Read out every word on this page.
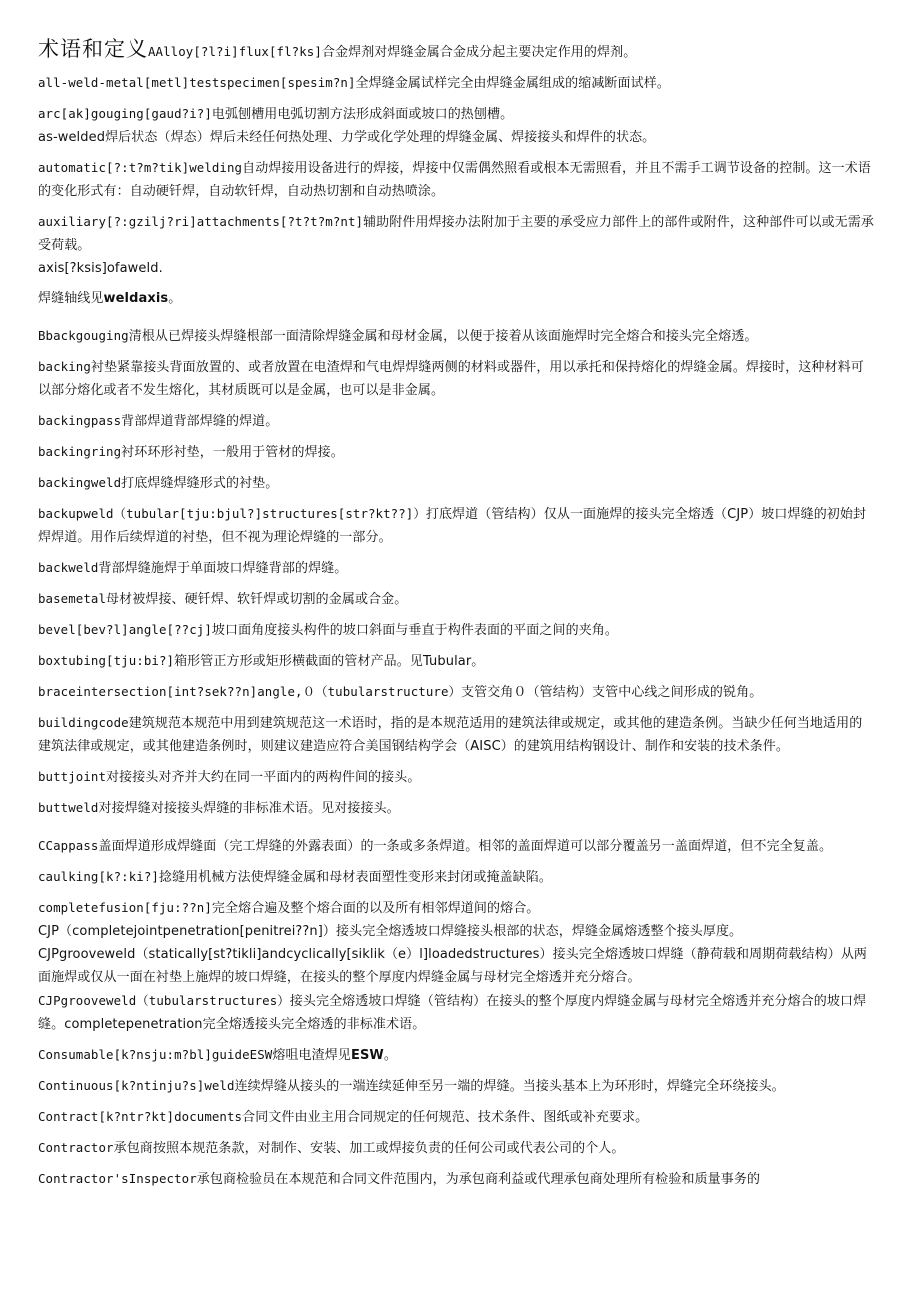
术语和定义AAlloy[?l?i]flux[fl?ks]合金焊剂对焊缝金属合金成分起主要决定作用的焊剂。

all-weld-metal[metl]testspecimen[spesim?n]全焊缝金属试样完全由焊缝金属组成的缩减断面试样。

arc[ak]gouging[gaud?i?]电弧刨槽用电弧切割方法形成斜面或坡口的热刨槽。

as-welded焊后状态（焊态）焊后未经任何热处理、力学或化学处理的焊缝金属、焊接接头和焊件的状态。

automatic[?:t?m?tik]welding自动焊接用设备进行的焊接，焊接中仅需偶然照看或根本无需照看，并且不需手工调节设备的控制。这一术语的变化形式有：自动硬钎焊，自动软钎焊，自动热切割和自动热喷涂。

auxiliary[?:gzilj?ri]attachments[?t?t?m?nt]辅助附件用焊接办法附加于主要的承受应力部件上的部件或附件，这种部件可以或无需承受荷载。

axis[?ksis]ofaweld.

焊缝轴线见weldaxis。

Bbackgouging清根从已焊接头焊缝根部一面清除焊缝金属和母材金属，以便于接着从该面施焊时完全熔合和接头完全熔透。

backing衬垫紧靠接头背面放置的、或者放置在电渣焊和气电焊焊缝两侧的材料或器件，用以承托和保持熔化的焊缝金属。焊接时，这种材料可以部分熔化或者不发生熔化，其材质既可以是金属，也可以是非金属。

backingpass背部焊道背部焊缝的焊道。

backingring衬环环形衬垫，一般用于管材的焊接。

backingweld打底焊缝焊缝形式的衬垫。

backupweld（tubular[tju:bjul?]structures[str?kt??]）打底焊道（管结构）仅从一面施焊的接头完全熔透（CJP）坡口焊缝的初始封焊焊道。用作后续焊道的衬垫，但不视为理论焊缝的一部分。

backweld背部焊缝施焊于单面坡口焊缝背部的焊缝。

basemetal母材被焊接、硬钎焊、软钎焊或切割的金属或合金。

bevel[bev?l]angle[??cj]坡口面角度接头构件的坡口斜面与垂直于构件表面的平面之间的夹角。

boxtubing[tju:bi?]箱形管正方形或矩形横截面的管材产品。见Tubular。

braceintersection[int?sek??n]angle,０（tubularstructure）支管交角０（管结构）支管中心线之间形成的锐角。

buildingcode建筑规范本规范中用到建筑规范这一术语时，指的是本规范适用的建筑法律或规定，或其他的建造条例。当缺少任何当地适用的建筑法律或规定，或其他建造条例时，则建议建造应符合美国钢结构学会（AISC）的建筑用结构钢设计、制作和安装的技术条件。

buttjoint对接接头对齐并大约在同一平面内的两构件间的接头。

buttweld对接焊缝对接接头焊缝的非标准术语。见对接接头。

CCappass盖面焊道形成焊缝面（完工焊缝的外露表面）的一条或多条焊道。相邻的盖面焊道可以部分覆盖另一盖面焊道，但不完全复盖。

caulking[k?:ki?]捻缝用机械方法使焊缝金属和母材表面塑性变形来封闭或掩盖缺陷。

completefusion[fju:??n]完全熔合遍及整个熔合面的以及所有相邻焊道间的熔合。

CJP（completejointpenetration[penitrei??n]）接头完全熔透坡口焊缝接头根部的状态，焊缝金属熔透整个接头厚度。

CJPgrooveweld（statically[st?tikli]andcyclically[siklik（e）l]loadedstructures）接头完全熔透坡口焊缝（静荷载和周期荷载结构）从两面施焊或仅从一面在衬垫上施焊的坡口焊缝，在接头的整个厚度内焊缝金属与母材完全熔透并充分熔合。

CJPgrooveweld（tubularstructures）接头完全熔透坡口焊缝（管结构）在接头的整个厚度内焊缝金属与母材完全熔透并充分熔合的坡口焊缝。completepenetration完全熔透接头完全熔透的非标准术语。

Consumable[k?nsju:m?bl]guideESW熔咀电渣焊见ESW。

Continuous[k?ntinju?s]weld连续焊缝从接头的一端连续延伸至另一端的焊缝。当接头基本上为环形时，焊缝完全环绕接头。

Contract[k?ntr?kt]documents合同文件由业主用合同规定的任何规范、技术条件、图纸或补充要求。

Contractor承包商按照本规范条款，对制作、安装、加工或焊接负责的任何公司或代表公司的个人。

Contractor'sInspector承包商检验员在本规范和合同文件范围内，为承包商利益或代理承包商处理所有检验和质量事务的
